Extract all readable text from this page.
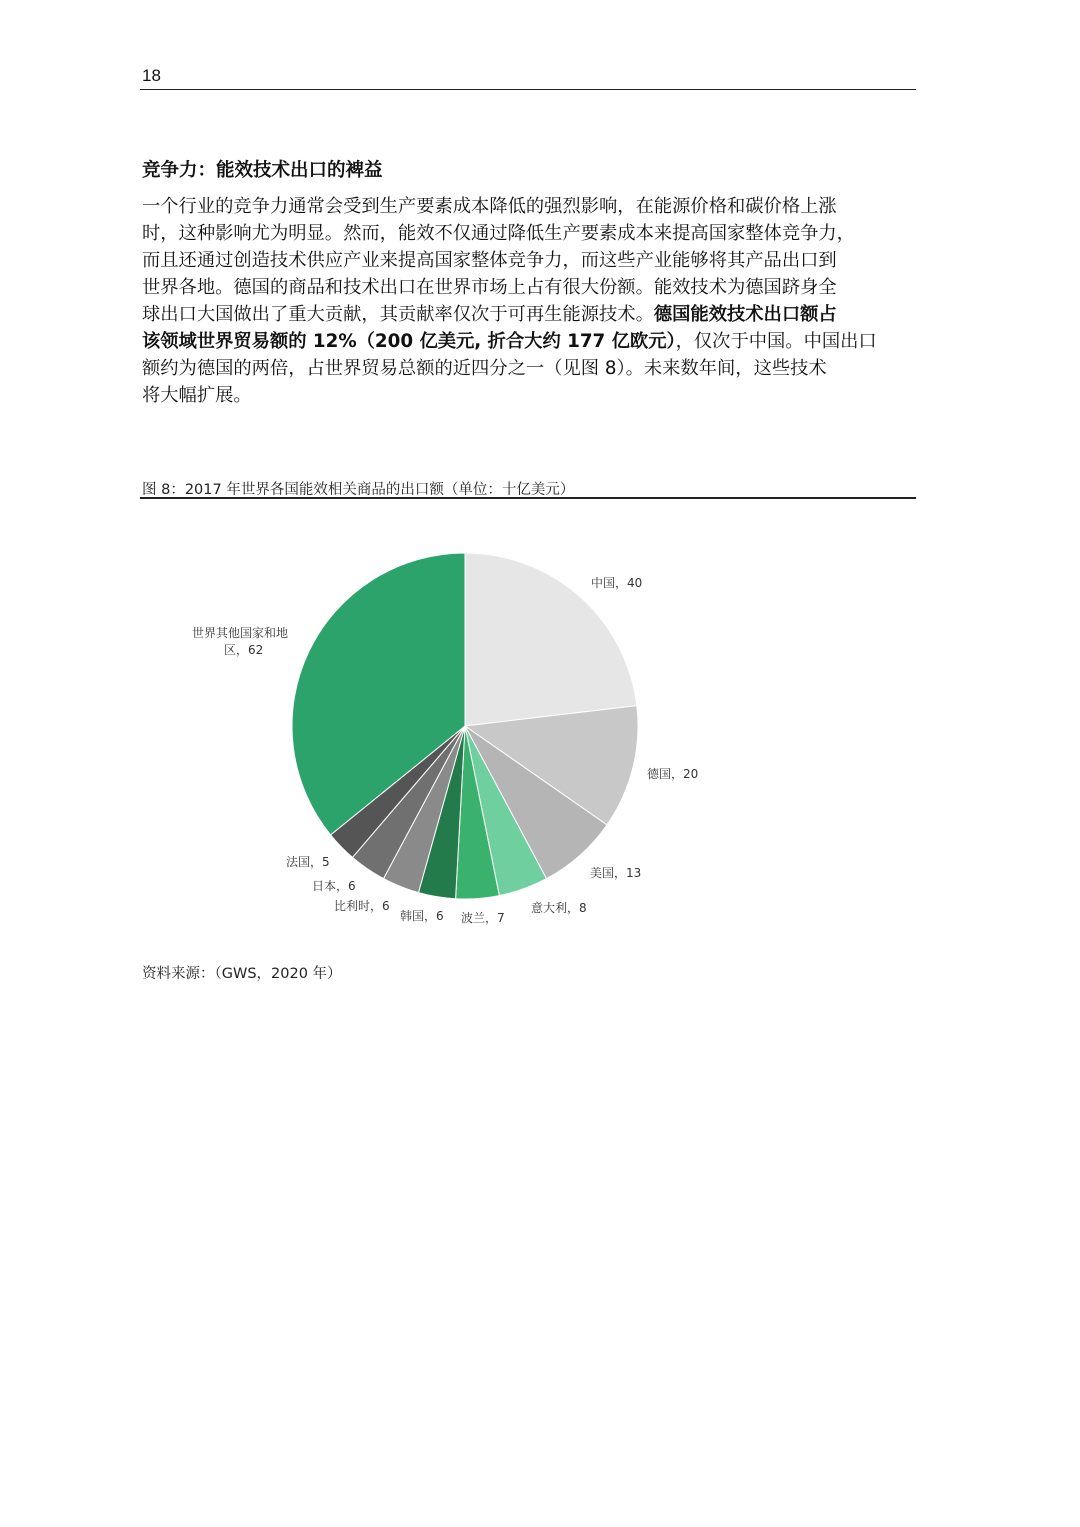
18
竞争力：能效技术出口的裨益

一个行业的竞争力通常会受到生产要素成本降低的强烈影响，在能源价格和碳价格上涨
时，这种影响尤为明显。然而，能效不仅通过降低生产要素成本来提高国家整体竞争力，
而且还通过创造技术供应产业来提高国家整体竞争力，而这些产业能够将其产品出口到
世界各地。德国的商品和技术出口在世界市场上占有很大份额。能效技术为德国跻身全
球出口大国做出了重大贡献，其贡献率仅次于可再生能源技术。德国能效技术出口额占
该领域世界贸易额的 12%（200 亿美元, 折合大约 177 亿欧元），仅次于中国。中国出口
额约为德国的两倍，占世界贸易总额的近四分之一（见图 8）。未来数年间，这些技术
将大幅扩展。

图 8：2017 年世界各国能效相关商品的出口额（单位：十亿美元）

中国，40
德国，20
美国，13
意大利，8
波兰，7
韩国，6
比利时，6
日本，6
法国，5
世界其他国家和地
区，62

资料来源：（GWS，2020 年）
